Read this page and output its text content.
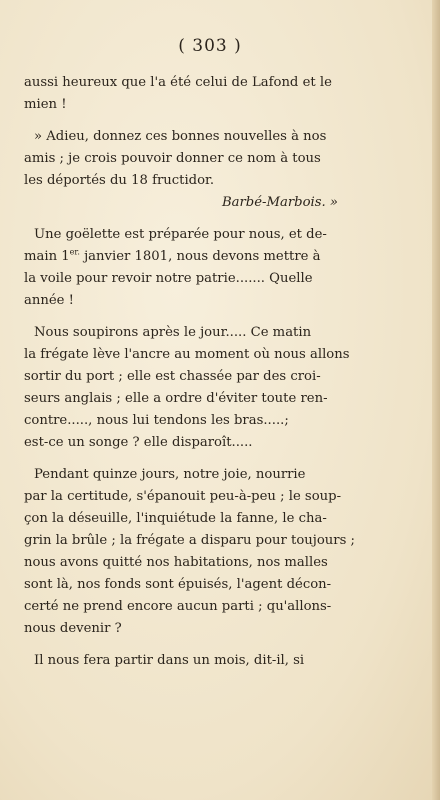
( 303 )
aussi heureux que l'a été celui de Lafond et le
mien !
» Adieu, donnez ces bonnes nouvelles à nos
amis ; je crois pouvoir donner ce nom à tous
les déportés du 18 fructidor.
Barbé-Marbois. »
Une goëlette est préparée pour nous, et de-
main $1^{er.}$ janvier 1801, nous devons mettre à
la voile pour revoir notre patrie....... Quelle
année !
Nous soupirons après le jour..... Ce matin
la frégate lève l'ancre au moment où nous allons
sortir du port ; elle est chassée par des croi-
seurs anglais ; elle a ordre d'éviter toute ren-
contre....., nous lui tendons les bras.....;
est-ce un songe ? elle disparoît.....
Pendant quinze jours, notre joie, nourrie
par la certitude, s'épanouit peu-à-peu ; le soup-
çon la déseuille, l'inquiétude la fanne, le cha-
grin la brûle ; la frégate a disparu pour toujours ;
nous avons quitté nos habitations, nos malles
sont là, nos fonds sont épuisés, l'agent décon-
certé ne prend encore aucun parti ; qu'allons-
nous devenir ?
Il nous fera partir dans un mois, dit-il, si
